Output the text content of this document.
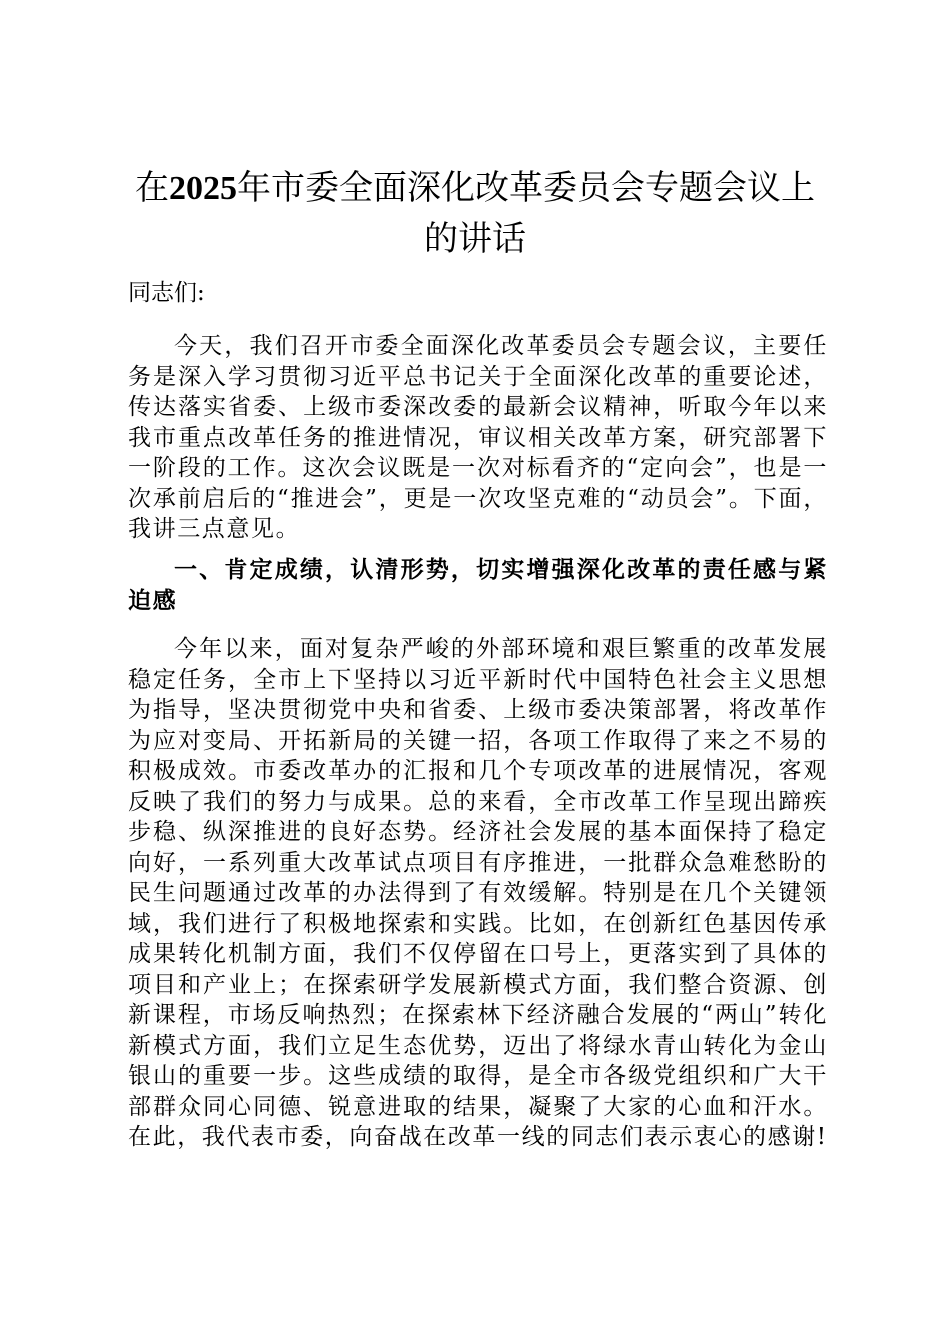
在2025年市委全面深化改革委员会专题会议上的讲话

同志们:

今天，我们召开市委全面深化改革委员会专题会议，主要任务是深入学习贯彻习近平总书记关于全面深化改革的重要论述，传达落实省委、上级市委深改委的最新会议精神，听取今年以来我市重点改革任务的推进情况，审议相关改革方案，研究部署下一阶段的工作。这次会议既是一次对标看齐的“定向会”，也是一次承前启后的“推进会”，更是一次攻坚克难的“动员会”。下面，我讲三点意见。

一、肯定成绩，认清形势，切实增强深化改革的责任感与紧迫感

今年以来，面对复杂严峻的外部环境和艰巨繁重的改革发展稳定任务，全市上下坚持以习近平新时代中国特色社会主义思想为指导，坚决贯彻党中央和省委、上级市委决策部署，将改革作为应对变局、开拓新局的关键一招，各项工作取得了来之不易的积极成效。市委改革办的汇报和几个专项改革的进展情况，客观反映了我们的努力与成果。总的来看，全市改革工作呈现出蹄疾步稳、纵深推进的良好态势。经济社会发展的基本面保持了稳定向好，一系列重大改革试点项目有序推进，一批群众急难愁盼的民生问题通过改革的办法得到了有效缓解。特别是在几个关键领域，我们进行了积极地探索和实践。比如，在创新红色基因传承成果转化机制方面，我们不仅停留在口号上，更落实到了具体的项目和产业上；在探索研学发展新模式方面，我们整合资源、创新课程，市场反响热烈；在探索林下经济融合发展的“两山”转化新模式方面，我们立足生态优势，迈出了将绿水青山转化为金山银山的重要一步。这些成绩的取得，是全市各级党组织和广大干部群众同心同德、锐意进取的结果，凝聚了大家的心血和汗水。在此，我代表市委，向奋战在改革一线的同志们表示衷心的感谢!
